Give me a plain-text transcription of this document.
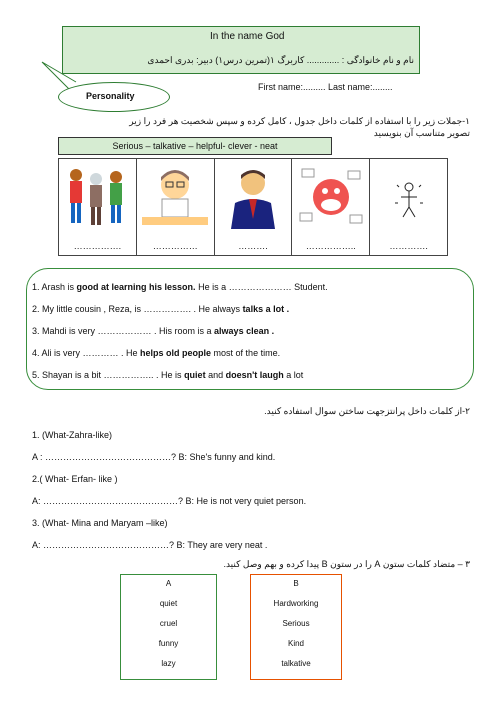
In the name God
نام و نام خانوادگی : ............. کاربرگ ۱(تمرین درس۱) دبیر: بدری احمدی
Personality
First name:......... Last name:........
۱-جملات زیر را با استفاده از کلمات داخل جدول ، کامل کرده و سپس شخصیت هر فرد را زیر
تصویر متناسب آن بنویسید
Serious – talkative – helpful- clever - neat
…………….	……………	……….	……………..	………….
1. Arash is good at learning his lesson. He is a ………………… Student.
2. My little cousin , Reza, is ……………. . He always talks a lot .
3. Mahdi is very ……………… . His room is a always clean .
4. Ali is very ………… . He helps old people most of the time.
5. Shayan is a bit …………….. . He is quiet and doesn't laugh a lot
۲-از کلمات داخل پرانتزجهت ساختن سوال استفاده کنید.
1. (What-Zahra-like)
A : ……………………………………? B: She's funny and kind.
2.( What- Erfan- like )
A: ………………………………………? B: He is not very quiet person.
3. (What- Mina and Maryam –like)
A: ……………………………………? B: They are very neat .
۳ – متضاد کلمات ستون A را در ستون B پیدا کرده و بهم وصل کنید.
A
quiet
cruel
funny
lazy
B
Hardworking
Serious
Kind
talkative
